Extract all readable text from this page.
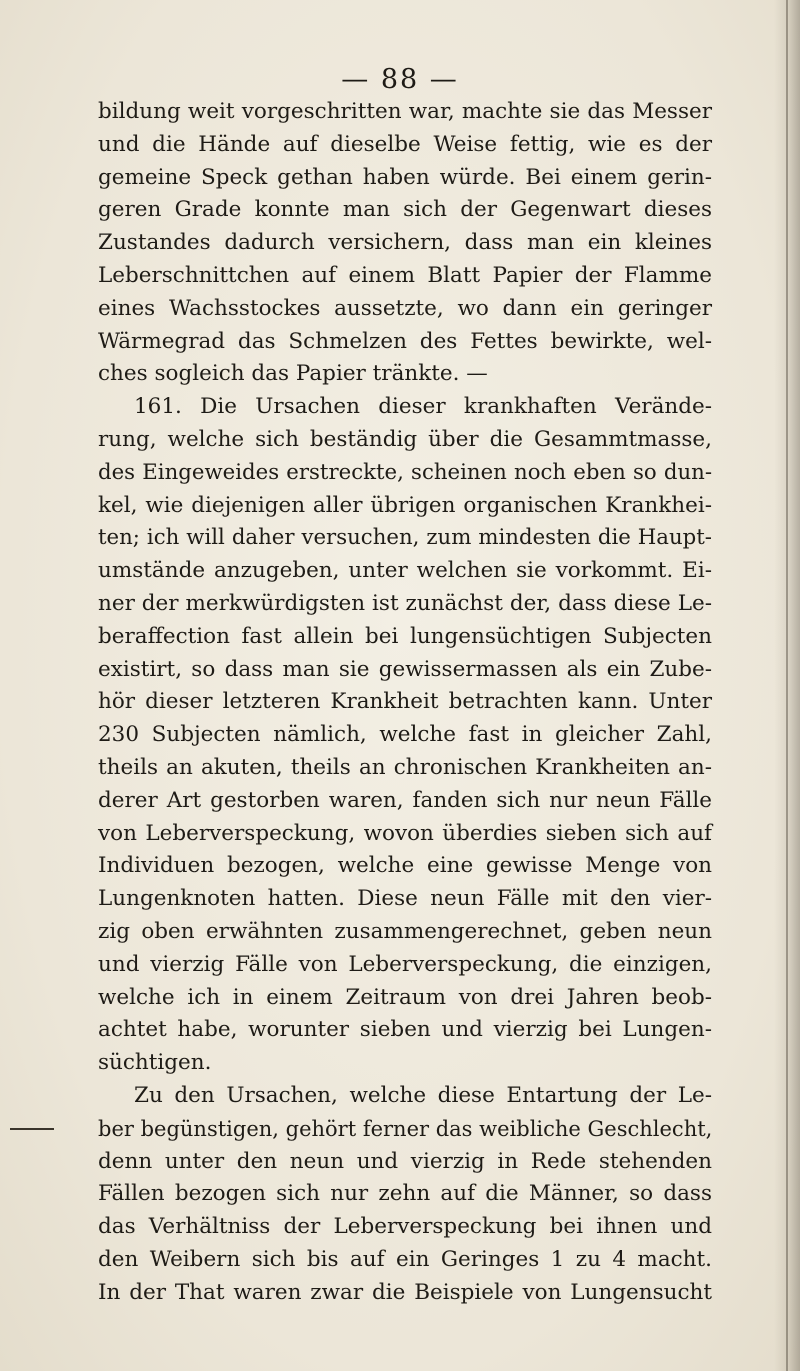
— 88 —
bildung weit vorgeschritten war, machte sie das Messer
und die Hände auf dieselbe Weise fettig, wie es der
gemeine Speck gethan haben würde. Bei einem gerin-
geren Grade konnte man sich der Gegenwart dieses
Zustandes dadurch versichern, dass man ein kleines
Leberschnittchen auf einem Blatt Papier der Flamme
eines Wachsstockes aussetzte, wo dann ein geringer
Wärmegrad das Schmelzen des Fettes bewirkte, wel-
ches sogleich das Papier tränkte. —
161. Die Ursachen dieser krankhaften Verände-
rung, welche sich beständig über die Gesammtmasse,
des Eingeweides erstreckte, scheinen noch eben so dun-
kel, wie diejenigen aller übrigen organischen Krankhei-
ten; ich will daher versuchen, zum mindesten die Haupt-
umstände anzugeben, unter welchen sie vorkommt. Ei-
ner der merkwürdigsten ist zunächst der, dass diese Le-
beraffection fast allein bei lungensüchtigen Subjecten
existirt, so dass man sie gewissermassen als ein Zube-
hör dieser letzteren Krankheit betrachten kann. Unter
230 Subjecten nämlich, welche fast in gleicher Zahl,
theils an akuten, theils an chronischen Krankheiten an-
derer Art gestorben waren, fanden sich nur neun Fälle
von Leberverspeckung, wovon überdies sieben sich auf
Individuen bezogen, welche eine gewisse Menge von
Lungenknoten hatten. Diese neun Fälle mit den vier-
zig oben erwähnten zusammengerechnet, geben neun
und vierzig Fälle von Leberverspeckung, die einzigen,
welche ich in einem Zeitraum von drei Jahren beob-
achtet habe, worunter sieben und vierzig bei Lungen-
süchtigen.
Zu den Ursachen, welche diese Entartung der Le-
ber begünstigen, gehört ferner das weibliche Geschlecht,
denn unter den neun und vierzig in Rede stehenden
Fällen bezogen sich nur zehn auf die Männer, so dass
das Verhältniss der Leberverspeckung bei ihnen und
den Weibern sich bis auf ein Geringes 1 zu 4 macht.
In der That waren zwar die Beispiele von Lungensucht
